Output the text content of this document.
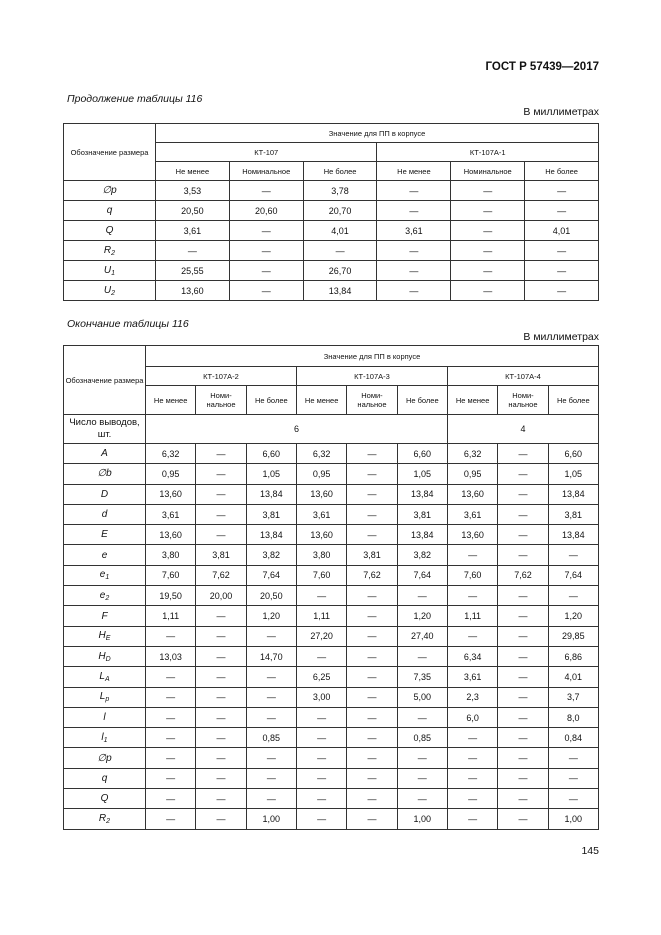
ГОСТ Р 57439—2017
Продолжение таблицы 116
В миллиметрах
Обозначение размера	Значение для ПП в корпусе					
	КТ-107			КТ-107А-1		
	Не менее	Номинальное	Не более	Не менее	Номинальное	Не более
∅p	3,53	—	3,78	—	—	—
q	20,50	20,60	20,70	—	—	—
Q	3,61	—	4,01	3,61	—	4,01
$R_2$	—	—	—	—	—	—
$U_1$	25,55	—	26,70	—	—	—
$U_2$	13,60	—	13,84	—	—	—
Окончание таблицы 116
В миллиметрах
Обозначение размера	Значение для ПП в корпусе								
	КТ-107А-2			КТ-107А-3			КТ-107А-4		
	Не менее	Номи-нальное	Не более	Не менее	Номи-нальное	Не более	Не менее	Номи-нальное	Не более
Число выводов, шт.	6						4		
A	6,32	—	6,60	6,32	—	6,60	6,32	—	6,60
∅b	0,95	—	1,05	0,95	—	1,05	0,95	—	1,05
D	13,60	—	13,84	13,60	—	13,84	13,60	—	13,84
d	3,61	—	3,81	3,61	—	3,81	3,61	—	3,81
E	13,60	—	13,84	13,60	—	13,84	13,60	—	13,84
e	3,80	3,81	3,82	3,80	3,81	3,82	—	—	—
$e_1$	7,60	7,62	7,64	7,60	7,62	7,64	7,60	7,62	7,64
$e_2$	19,50	20,00	20,50	—	—	—	—	—	—
F	1,11	—	1,20	1,11	—	1,20	1,11	—	1,20
$H_E$	—	—	—	27,20	—	27,40	—	—	29,85
$H_D$	13,03	—	14,70	—	—	—	6,34	—	6,86
$L_A$	—	—	—	6,25	—	7,35	3,61	—	4,01
$L_p$	—	—	—	3,00	—	5,00	2,3	—	3,7
l	—	—	—	—	—	—	6,0	—	8,0
$l_1$	—	—	0,85	—	—	0,85	—	—	0,84
∅p	—	—	—	—	—	—	—	—	—
q	—	—	—	—	—	—	—	—	—
Q	—	—	—	—	—	—	—	—	—
$R_2$	—	—	1,00	—	—	1,00	—	—	1,00
145
